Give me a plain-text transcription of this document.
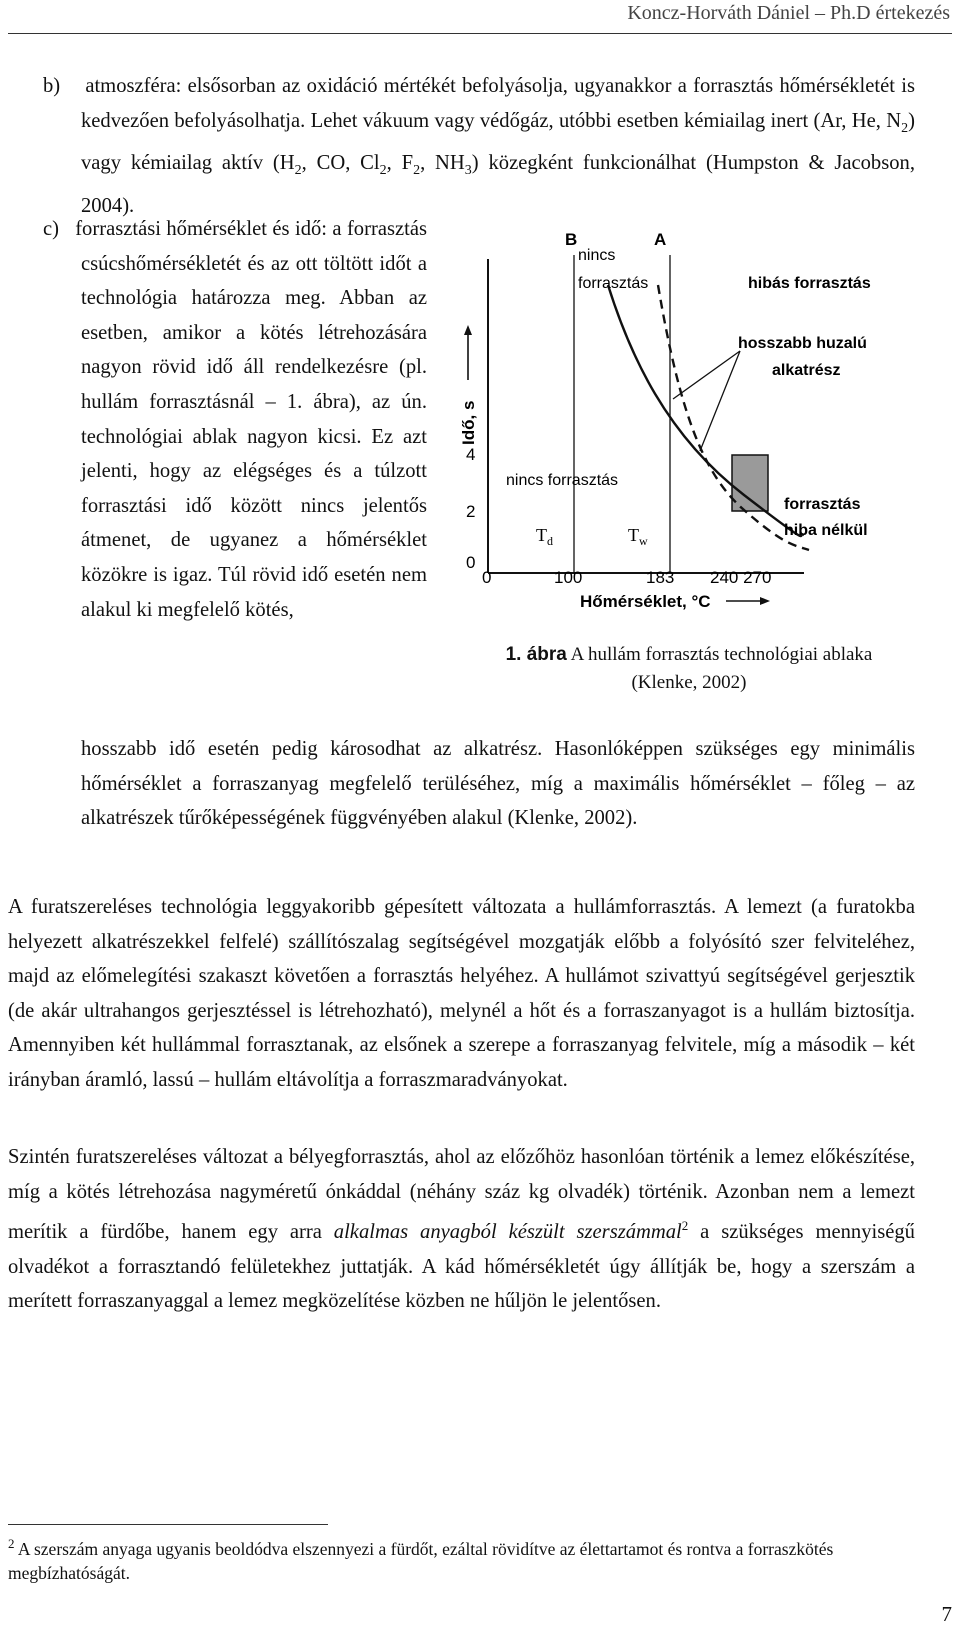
Koncz-Horváth Dániel – Ph.D értekezés

b) atmoszféra: elsősorban az oxidáció mértékét befolyásolja, ugyanakkor a forrasztás hőmérsékletét is kedvezően befolyásolhatja. Lehet vákuum vagy védőgáz, utóbbi esetben kémiailag inert (Ar, He, $N_2$) vagy kémiailag aktív ($H_2$, CO, $Cl_2$, $F_2$, $NH_3$) közegként funkcionálhat (Humpston & Jacobson, 2004).

c) forrasztási hőmérséklet és idő: a forrasztás csúcshőmérsékletét és az ott töltött időt a technológia határozza meg. Abban az esetben, amikor a kötés létrehozására nagyon rövid idő áll rendelkezésre (pl. hullám forrasztásnál – 1. ábra), az ún. technológiai ablak nagyon kicsi. Ez azt jelenti, hogy az elégséges és a túlzott forrasztási idő között nincs jelentős átmenet, de ugyanez a hőmérséklet közökre is igaz. Túl rövid idő esetén nem alakul ki megfelelő kötés,

hosszabb idő esetén pedig károsodhat az alkatrész. Hasonlóképpen szükséges egy minimális hőmérséklet a forraszanyag megfelelő terüléséhez, míg a maximális hőmérséklet – főleg – az alkatrészek tűrőképességének függvényében alakul (Klenke, 2002).

B	A
nincs
forrasztás	hibás forrasztás
hosszabb huzalú
alkatrész
nincs forrasztás
forrasztás
hiba nélkül
$T_d$	$T_w$
Idő, s
4
2
0
0	100	183 240 270
Hőmérséklet, °C
1. ábra A hullám forrasztás technológiai ablaka
(Klenke, 2002)

A furatszereléses technológia leggyakoribb gépesített változata a hullámforrasztás. A lemezt (a furatokba helyezett alkatrészekkel felfelé) szállítószalag segítségével mozgatják előbb a folyósító szer felviteléhez, majd az előmelegítési szakaszt követően a forrasztás helyéhez. A hullámot szivattyú segítségével gerjesztik (de akár ultrahangos gerjesztéssel is létrehozható), melynél a hőt és a forraszanyagot is a hullám biztosítja. Amennyiben két hullámmal forrasztanak, az elsőnek a szerepe a forraszanyag felvitele, míg a második – két irányban áramló, lassú – hullám eltávolítja a forraszmaradványokat.

Szintén furatszereléses változat a bélyegforrasztás, ahol az előzőhöz hasonlóan történik a lemez előkészítése, míg a kötés létrehozása nagyméretű ónkáddal (néhány száz kg olvadék) történik. Azonban nem a lemezt merítik a fürdőbe, hanem egy arra alkalmas anyagból készült szerszámmal$^2$ a szükséges mennyiségű olvadékot a forrasztandó felületekhez juttatják. A kád hőmérsékletét úgy állítják be, hogy a szerszám a merített forraszanyaggal a lemez megközelítése közben ne hűljön le jelentősen.

$^2$ A szerszám anyaga ugyanis beoldódva elszennyezi a fürdőt, ezáltal rövidítve az élettartamot és rontva a forraszkötés megbízhatóságát.
7
